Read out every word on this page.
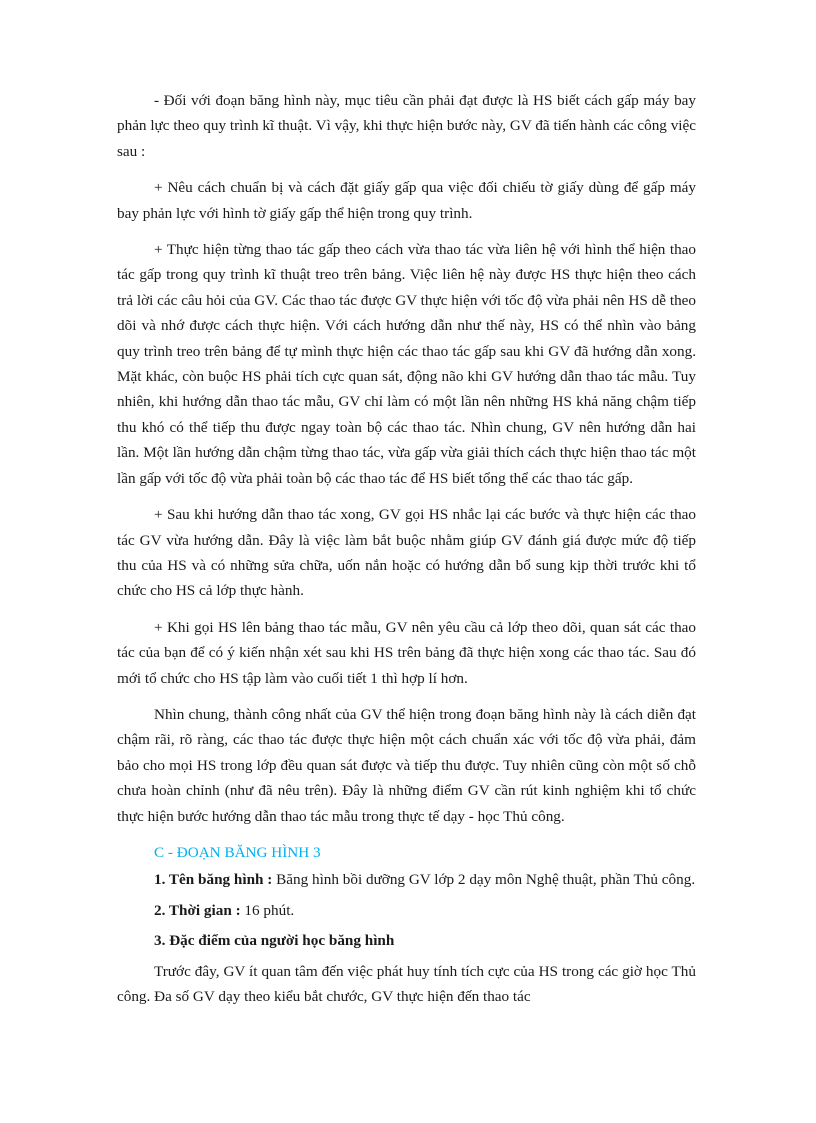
- Đối với đoạn băng hình này, mục tiêu cần phải đạt được là HS biết cách gấp máy bay phản lực theo quy trình kĩ thuật. Vì vậy, khi thực hiện bước này, GV đã tiến hành các công việc sau :

+ Nêu cách chuẩn bị và cách đặt giấy gấp qua việc đối chiếu tờ giấy dùng để gấp máy bay phản lực với hình tờ giấy gấp thể hiện trong quy trình.

+ Thực hiện từng thao tác gấp theo cách vừa thao tác vừa liên hệ với hình thể hiện thao tác gấp trong quy trình kĩ thuật treo trên bảng. Việc liên hệ này được HS thực hiện theo cách trả lời các câu hỏi của GV. Các thao tác được GV thực hiện với tốc độ vừa phải nên HS dễ theo dõi và nhớ được cách thực hiện. Với cách hướng dẫn như thế này, HS có thể nhìn vào bảng quy trình treo trên bảng để tự mình thực hiện các thao tác gấp sau khi GV đã hướng dẫn xong. Mặt khác, còn buộc HS phải tích cực quan sát, động não khi GV hướng dẫn thao tác mẫu. Tuy nhiên, khi hướng dẫn thao tác mẫu, GV chỉ làm có một lần nên những HS khả năng chậm tiếp thu khó có thể tiếp thu được ngay toàn bộ các thao tác. Nhìn chung, GV nên hướng dẫn hai lần. Một lần hướng dẫn chậm từng thao tác, vừa gấp vừa giải thích cách thực hiện thao tác một lần gấp với tốc độ vừa phải toàn bộ các thao tác để HS biết tổng thể các thao tác gấp.

+ Sau khi hướng dẫn thao tác xong, GV gọi HS nhắc lại các bước và thực hiện các thao tác GV vừa hướng dẫn. Đây là việc làm bắt buộc nhằm giúp GV đánh giá được mức độ tiếp thu của HS và có những sửa chữa, uốn nắn hoặc có hướng dẫn bổ sung kịp thời trước khi tổ chức cho HS cả lớp thực hành.

+ Khi gọi HS lên bảng thao tác mẫu, GV nên yêu cầu cả lớp theo dõi, quan sát các thao tác của bạn để có ý kiến nhận xét sau khi HS trên bảng đã thực hiện xong các thao tác. Sau đó mới tổ chức cho HS tập làm vào cuối tiết 1 thì hợp lí hơn.

Nhìn chung, thành công nhất của GV thể hiện trong đoạn băng hình này là cách diễn đạt chậm rãi, rõ ràng, các thao tác được thực hiện một cách chuẩn xác với tốc độ vừa phải, đảm bảo cho mọi HS trong lớp đều quan sát được và tiếp thu được. Tuy nhiên cũng còn một số chỗ chưa hoàn chỉnh (như đã nêu trên). Đây là những điểm GV cần rút kinh nghiệm khi tổ chức thực hiện bước hướng dẫn thao tác mẫu trong thực tế dạy - học Thủ công.

C - ĐOẠN BĂNG HÌNH 3

1. Tên băng hình : Băng hình bồi dưỡng GV lớp 2 dạy môn Nghệ thuật, phần Thủ công.

2. Thời gian : 16 phút.

3. Đặc điểm của người học băng hình

Trước đây, GV ít quan tâm đến việc phát huy tính tích cực của HS trong các giờ học Thủ công. Đa số GV dạy theo kiểu bắt chước, GV thực hiện đến thao tác
